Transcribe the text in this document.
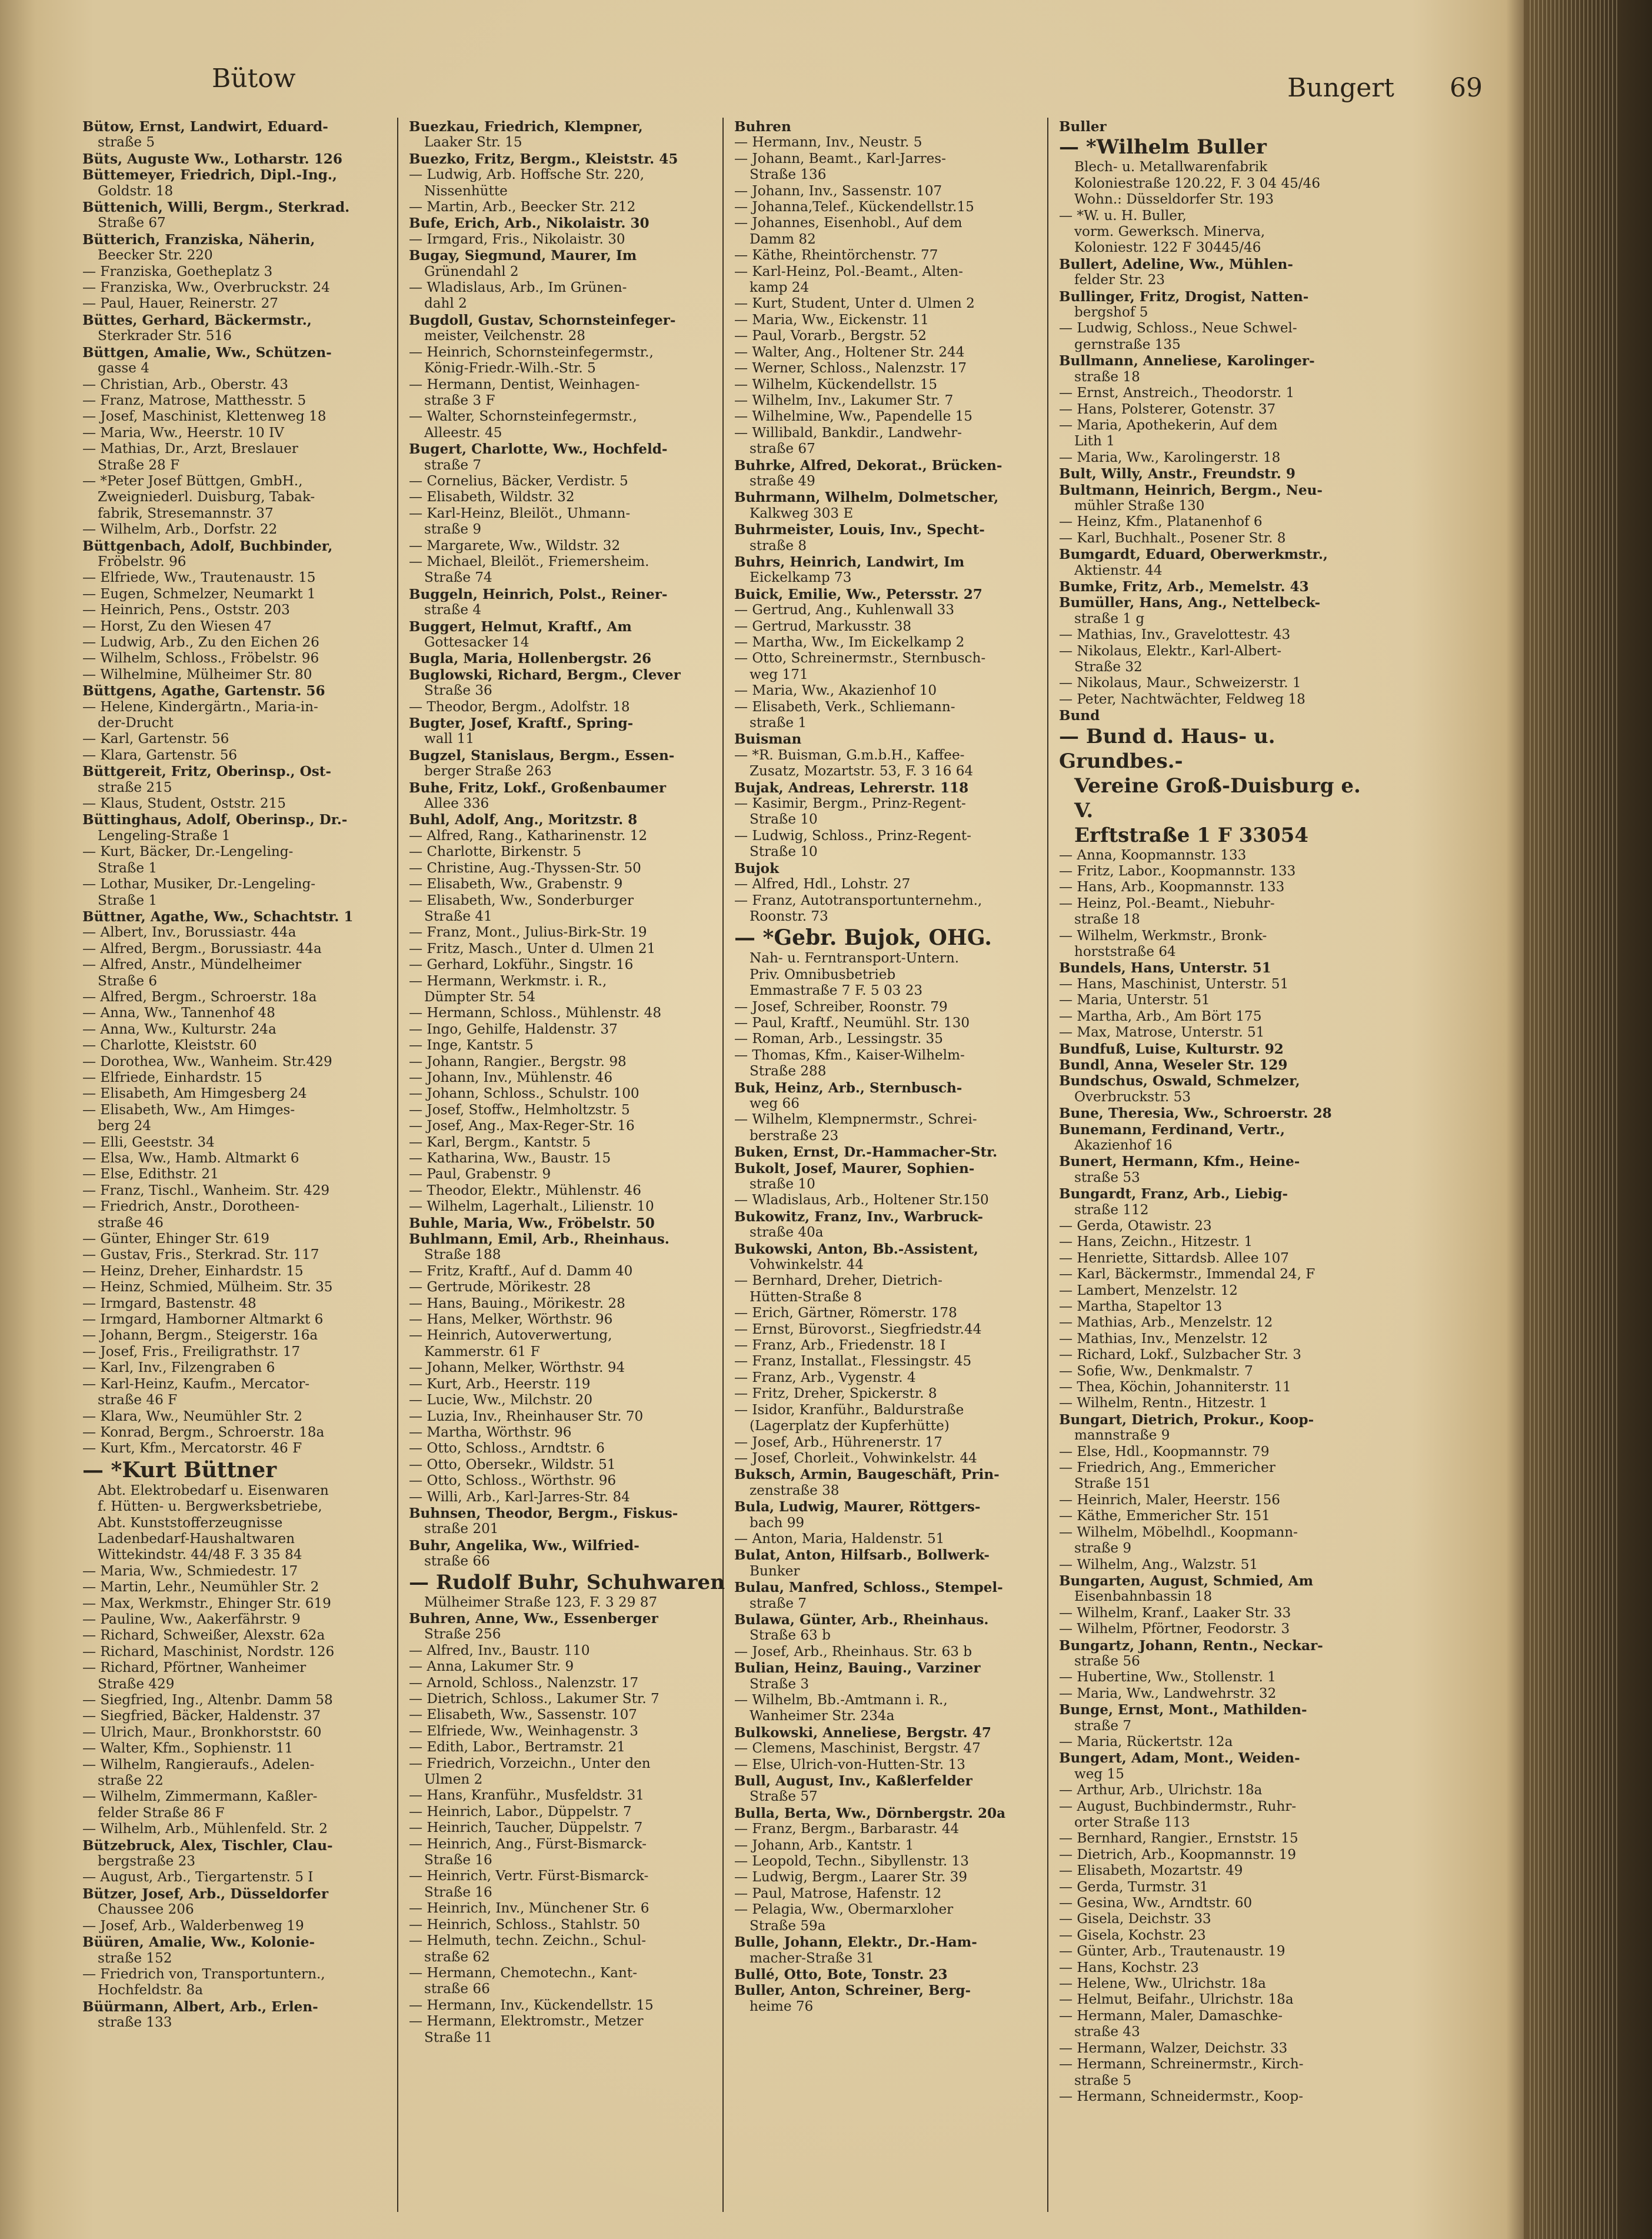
Bütow	Bungert 69
Bütow, Ernst, Landwirt, Eduard-
straße 5
Büts, Auguste Ww., Lotharstr. 126
Büttemeyer, Friedrich, Dipl.-Ing.,
Goldstr. 18
Büttenich, Willi, Bergm., Sterkrad.
Straße 67
Bütterich, Franziska, Näherin,
Beecker Str. 220
— Franziska, Goetheplatz 3
— Franziska, Ww., Overbruckstr. 24
— Paul, Hauer, Reinerstr. 27
Büttes, Gerhard, Bäckermstr.,
Sterkrader Str. 516
Büttgen, Amalie, Ww., Schützen-
gasse 4
— Christian, Arb., Oberstr. 43
— Franz, Matrose, Matthesstr. 5
— Josef, Maschinist, Klettenweg 18
— Maria, Ww., Heerstr. 10 IV
— Mathias, Dr., Arzt, Breslauer
Straße 28 F
— *Peter Josef Büttgen, GmbH.,
Zweigniederl. Duisburg, Tabak-
fabrik, Stresemannstr. 37
— Wilhelm, Arb., Dorfstr. 22
Büttgenbach, Adolf, Buchbinder,
Fröbelstr. 96
— Elfriede, Ww., Trautenaustr. 15
— Eugen, Schmelzer, Neumarkt 1
— Heinrich, Pens., Oststr. 203
— Horst, Zu den Wiesen 47
— Ludwig, Arb., Zu den Eichen 26
— Wilhelm, Schloss., Fröbelstr. 96
— Wilhelmine, Mülheimer Str. 80
Büttgens, Agathe, Gartenstr. 56
— Helene, Kindergärtn., Maria-in-
der-Drucht
— Karl, Gartenstr. 56
— Klara, Gartenstr. 56
Büttgereit, Fritz, Oberinsp., Ost-
straße 215
— Klaus, Student, Oststr. 215
Büttinghaus, Adolf, Oberinsp., Dr.-
Lengeling-Straße 1
— Kurt, Bäcker, Dr.-Lengeling-
Straße 1
— Lothar, Musiker, Dr.-Lengeling-
Straße 1
Büttner, Agathe, Ww., Schachtstr. 1
— Albert, Inv., Borussiastr. 44a
— Alfred, Bergm., Borussiastr. 44a
— Alfred, Anstr., Mündelheimer
Straße 6
— Alfred, Bergm., Schroerstr. 18a
— Anna, Ww., Tannenhof 48
— Anna, Ww., Kulturstr. 24a
— Charlotte, Kleiststr. 60
— Dorothea, Ww., Wanheim. Str.429
— Elfriede, Einhardstr. 15
— Elisabeth, Am Himgesberg 24
— Elisabeth, Ww., Am Himges-
berg 24
— Elli, Geeststr. 34
— Elsa, Ww., Hamb. Altmarkt 6
— Else, Edithstr. 21
— Franz, Tischl., Wanheim. Str. 429
— Friedrich, Anstr., Dorotheen-
straße 46
— Günter, Ehinger Str. 619
— Gustav, Fris., Sterkrad. Str. 117
— Heinz, Dreher, Einhardstr. 15
— Heinz, Schmied, Mülheim. Str. 35
— Irmgard, Bastenstr. 48
— Irmgard, Hamborner Altmarkt 6
— Johann, Bergm., Steigerstr. 16a
— Josef, Fris., Freiligrathstr. 17
— Karl, Inv., Filzengraben 6
— Karl-Heinz, Kaufm., Mercator-
straße 46 F
— Klara, Ww., Neumühler Str. 2
— Konrad, Bergm., Schroerstr. 18a
— Kurt, Kfm., Mercatorstr. 46 F
— *Kurt Büttner
Abt. Elektrobedarf u. Eisenwaren
f. Hütten- u. Bergwerksbetriebe,
Abt. Kunststofferzeugnisse
Ladenbedarf-Haushaltwaren
Wittekindstr. 44/48 F. 3 35 84
— Maria, Ww., Schmiedestr. 17
— Martin, Lehr., Neumühler Str. 2
— Max, Werkmstr., Ehinger Str. 619
— Pauline, Ww., Aakerfährstr. 9
— Richard, Schweißer, Alexstr. 62a
— Richard, Maschinist, Nordstr. 126
— Richard, Pförtner, Wanheimer
Straße 429
— Siegfried, Ing., Altenbr. Damm 58
— Siegfried, Bäcker, Haldenstr. 37
— Ulrich, Maur., Bronkhorststr. 60
— Walter, Kfm., Sophienstr. 11
— Wilhelm, Rangieraufs., Adelen-
straße 22
— Wilhelm, Zimmermann, Kaßler-
felder Straße 86 F
— Wilhelm, Arb., Mühlenfeld. Str. 2
Bützebruck, Alex, Tischler, Clau-
bergstraße 23
— August, Arb., Tiergartenstr. 5 I
Bützer, Josef, Arb., Düsseldorfer
Chaussee 206
— Josef, Arb., Walderbenweg 19
Büüren, Amalie, Ww., Kolonie-
straße 152
— Friedrich von, Transportuntern.,
Hochfeldstr. 8a
Büürmann, Albert, Arb., Erlen-
straße 133
Buezkau, Friedrich, Klempner,
Laaker Str. 15
Buezko, Fritz, Bergm., Kleiststr. 45
— Ludwig, Arb. Hoffsche Str. 220,
Nissenhütte
— Martin, Arb., Beecker Str. 212
Bufe, Erich, Arb., Nikolaistr. 30
— Irmgard, Fris., Nikolaistr. 30
Bugay, Siegmund, Maurer, Im
Grünendahl 2
— Wladislaus, Arb., Im Grünen-
dahl 2
Bugdoll, Gustav, Schornsteinfeger-
meister, Veilchenstr. 28
— Heinrich, Schornsteinfegermstr.,
König-Friedr.-Wilh.-Str. 5
— Hermann, Dentist, Weinhagen-
straße 3 F
— Walter, Schornsteinfegermstr.,
Alleestr. 45
Bugert, Charlotte, Ww., Hochfeld-
straße 7
— Cornelius, Bäcker, Verdistr. 5
— Elisabeth, Wildstr. 32
— Karl-Heinz, Bleilöt., Uhmann-
straße 9
— Margarete, Ww., Wildstr. 32
— Michael, Bleilöt., Friemersheim.
Straße 74
Buggeln, Heinrich, Polst., Reiner-
straße 4
Buggert, Helmut, Kraftf., Am
Gottesacker 14
Bugla, Maria, Hollenbergstr. 26
Buglowski, Richard, Bergm., Clever
Straße 36
— Theodor, Bergm., Adolfstr. 18
Bugter, Josef, Kraftf., Spring-
wall 11
Bugzel, Stanislaus, Bergm., Essen-
berger Straße 263
Buhe, Fritz, Lokf., Großenbaumer
Allee 336
Buhl, Adolf, Ang., Moritzstr. 8
— Alfred, Rang., Katharinenstr. 12
— Charlotte, Birkenstr. 5
— Christine, Aug.-Thyssen-Str. 50
— Elisabeth, Ww., Grabenstr. 9
— Elisabeth, Ww., Sonderburger
Straße 41
— Franz, Mont., Julius-Birk-Str. 19
— Fritz, Masch., Unter d. Ulmen 21
— Gerhard, Lokführ., Singstr. 16
— Hermann, Werkmstr. i. R.,
Dümpter Str. 54
— Hermann, Schloss., Mühlenstr. 48
— Ingo, Gehilfe, Haldenstr. 37
— Inge, Kantstr. 5
— Johann, Rangier., Bergstr. 98
— Johann, Inv., Mühlenstr. 46
— Johann, Schloss., Schulstr. 100
— Josef, Stoffw., Helmholtzstr. 5
— Josef, Ang., Max-Reger-Str. 16
— Karl, Bergm., Kantstr. 5
— Katharina, Ww., Baustr. 15
— Paul, Grabenstr. 9
— Theodor, Elektr., Mühlenstr. 46
— Wilhelm, Lagerhalt., Lilienstr. 10
Buhle, Maria, Ww., Fröbelstr. 50
Buhlmann, Emil, Arb., Rheinhaus.
Straße 188
— Fritz, Kraftf., Auf d. Damm 40
— Gertrude, Mörikestr. 28
— Hans, Bauing., Mörikestr. 28
— Hans, Melker, Wörthstr. 96
— Heinrich, Autoverwertung,
Kammerstr. 61 F
— Johann, Melker, Wörthstr. 94
— Kurt, Arb., Heerstr. 119
— Lucie, Ww., Milchstr. 20
— Luzia, Inv., Rheinhauser Str. 70
— Martha, Wörthstr. 96
— Otto, Schloss., Arndtstr. 6
— Otto, Obersekr., Wildstr. 51
— Otto, Schloss., Wörthstr. 96
— Willi, Arb., Karl-Jarres-Str. 84
Buhnsen, Theodor, Bergm., Fiskus-
straße 201
Buhr, Angelika, Ww., Wilfried-
straße 66
— Rudolf Buhr, Schuhwaren
Mülheimer Straße 123, F. 3 29 87
Buhren, Anne, Ww., Essenberger
Straße 256
— Alfred, Inv., Baustr. 110
— Anna, Lakumer Str. 9
— Arnold, Schloss., Nalenzstr. 17
— Dietrich, Schloss., Lakumer Str. 7
— Elisabeth, Ww., Sassenstr. 107
— Elfriede, Ww., Weinhagenstr. 3
— Edith, Labor., Bertramstr. 21
— Friedrich, Vorzeichn., Unter den
Ulmen 2
— Hans, Kranführ., Musfeldstr. 31
— Heinrich, Labor., Düppelstr. 7
— Heinrich, Taucher, Düppelstr. 7
— Heinrich, Ang., Fürst-Bismarck-
Straße 16
— Heinrich, Vertr. Fürst-Bismarck-
Straße 16
— Heinrich, Inv., Münchener Str. 6
— Heinrich, Schloss., Stahlstr. 50
— Helmuth, techn. Zeichn., Schul-
straße 62
— Hermann, Chemotechn., Kant-
straße 66
— Hermann, Inv., Kückendellstr. 15
— Hermann, Elektromstr., Metzer
Straße 11
Buhren
— Hermann, Inv., Neustr. 5
— Johann, Beamt., Karl-Jarres-
Straße 136
— Johann, Inv., Sassenstr. 107
— Johanna,Telef., Kückendellstr.15
— Johannes, Eisenhobl., Auf dem
Damm 82
— Käthe, Rheintörchenstr. 77
— Karl-Heinz, Pol.-Beamt., Alten-
kamp 24
— Kurt, Student, Unter d. Ulmen 2
— Maria, Ww., Eickenstr. 11
— Paul, Vorarb., Bergstr. 52
— Walter, Ang., Holtener Str. 244
— Werner, Schloss., Nalenzstr. 17
— Wilhelm, Kückendellstr. 15
— Wilhelm, Inv., Lakumer Str. 7
— Wilhelmine, Ww., Papendelle 15
— Willibald, Bankdir., Landwehr-
straße 67
Buhrke, Alfred, Dekorat., Brücken-
straße 49
Buhrmann, Wilhelm, Dolmetscher,
Kalkweg 303 E
Buhrmeister, Louis, Inv., Specht-
straße 8
Buhrs, Heinrich, Landwirt, Im
Eickelkamp 73
Buick, Emilie, Ww., Petersstr. 27
— Gertrud, Ang., Kuhlenwall 33
— Gertrud, Markusstr. 38
— Martha, Ww., Im Eickelkamp 2
— Otto, Schreinermstr., Sternbusch-
weg 171
— Maria, Ww., Akazienhof 10
— Elisabeth, Verk., Schliemann-
straße 1
Buisman
— *R. Buisman, G.m.b.H., Kaffee-
Zusatz, Mozartstr. 53, F. 3 16 64
Bujak, Andreas, Lehrerstr. 118
— Kasimir, Bergm., Prinz-Regent-
Straße 10
— Ludwig, Schloss., Prinz-Regent-
Straße 10
Bujok
— Alfred, Hdl., Lohstr. 27
— Franz, Autotransportunternehm.,
Roonstr. 73
— *Gebr. Bujok, OHG.
Nah- u. Ferntransport-Untern.
Priv. Omnibusbetrieb
Emmastraße 7 F. 5 03 23
— Josef, Schreiber, Roonstr. 79
— Paul, Kraftf., Neumühl. Str. 130
— Roman, Arb., Lessingstr. 35
— Thomas, Kfm., Kaiser-Wilhelm-
Straße 288
Buk, Heinz, Arb., Sternbusch-
weg 66
— Wilhelm, Klempnermstr., Schrei-
berstraße 23
Buken, Ernst, Dr.-Hammacher-Str.
Bukolt, Josef, Maurer, Sophien-
straße 10
— Wladislaus, Arb., Holtener Str.150
Bukowitz, Franz, Inv., Warbruck-
straße 40a
Bukowski, Anton, Bb.-Assistent,
Vohwinkelstr. 44
— Bernhard, Dreher, Dietrich-
Hütten-Straße 8
— Erich, Gärtner, Römerstr. 178
— Ernst, Bürovorst., Siegfriedstr.44
— Franz, Arb., Friedenstr. 18 I
— Franz, Installat., Flessingstr. 45
— Franz, Arb., Vygenstr. 4
— Fritz, Dreher, Spickerstr. 8
— Isidor, Kranführ., Baldurstraße
(Lagerplatz der Kupferhütte)
— Josef, Arb., Hührenerstr. 17
— Josef, Chorleit., Vohwinkelstr. 44
Buksch, Armin, Baugeschäft, Prin-
zenstraße 38
Bula, Ludwig, Maurer, Röttgers-
bach 99
— Anton, Maria, Haldenstr. 51
Bulat, Anton, Hilfsarb., Bollwerk-
Bunker
Bulau, Manfred, Schloss., Stempel-
straße 7
Bulawa, Günter, Arb., Rheinhaus.
Straße 63 b
— Josef, Arb., Rheinhaus. Str. 63 b
Bulian, Heinz, Bauing., Varziner
Straße 3
— Wilhelm, Bb.-Amtmann i. R.,
Wanheimer Str. 234a
Bulkowski, Anneliese, Bergstr. 47
— Clemens, Maschinist, Bergstr. 47
— Else, Ulrich-von-Hutten-Str. 13
Bull, August, Inv., Kaßlerfelder
Straße 57
Bulla, Berta, Ww., Dörnbergstr. 20a
— Franz, Bergm., Barbarastr. 44
— Johann, Arb., Kantstr. 1
— Leopold, Techn., Sibyllenstr. 13
— Ludwig, Bergm., Laarer Str. 39
— Paul, Matrose, Hafenstr. 12
— Pelagia, Ww., Obermarxloher
Straße 59a
Bulle, Johann, Elektr., Dr.-Ham-
macher-Straße 31
Bullé, Otto, Bote, Tonstr. 23
Buller, Anton, Schreiner, Berg-
heime 76
Buller
— *Wilhelm Buller
Blech- u. Metallwarenfabrik
Koloniestraße 120.22, F. 3 04 45/46
Wohn.: Düsseldorfer Str. 193
— *W. u. H. Buller,
vorm. Gewerksch. Minerva,
Koloniestr. 122 F 30445/46
Bullert, Adeline, Ww., Mühlen-
felder Str. 23
Bullinger, Fritz, Drogist, Natten-
bergshof 5
— Ludwig, Schloss., Neue Schwel-
gernstraße 135
Bullmann, Anneliese, Karolinger-
straße 18
— Ernst, Anstreich., Theodorstr. 1
— Hans, Polsterer, Gotenstr. 37
— Maria, Apothekerin, Auf dem
Lith 1
— Maria, Ww., Karolingerstr. 18
Bult, Willy, Anstr., Freundstr. 9
Bultmann, Heinrich, Bergm., Neu-
mühler Straße 130
— Heinz, Kfm., Platanenhof 6
— Karl, Buchhalt., Posener Str. 8
Bumgardt, Eduard, Oberwerkmstr.,
Aktienstr. 44
Bumke, Fritz, Arb., Memelstr. 43
Bumüller, Hans, Ang., Nettelbeck-
straße 1 g
— Mathias, Inv., Gravelottestr. 43
— Nikolaus, Elektr., Karl-Albert-
Straße 32
— Nikolaus, Maur., Schweizerstr. 1
— Peter, Nachtwächter, Feldweg 18
Bund
— Bund d. Haus- u. Grundbes.-
Vereine Groß-Duisburg e. V.
Erftstraße 1 F 33054
— Anna, Koopmannstr. 133
— Fritz, Labor., Koopmannstr. 133
— Hans, Arb., Koopmannstr. 133
— Heinz, Pol.-Beamt., Niebuhr-
straße 18
— Wilhelm, Werkmstr., Bronk-
horststraße 64
Bundels, Hans, Unterstr. 51
— Hans, Maschinist, Unterstr. 51
— Maria, Unterstr. 51
— Martha, Arb., Am Bört 175
— Max, Matrose, Unterstr. 51
Bundfuß, Luise, Kulturstr. 92
Bundl, Anna, Weseler Str. 129
Bundschus, Oswald, Schmelzer,
Overbruckstr. 53
Bune, Theresia, Ww., Schroerstr. 28
Bunemann, Ferdinand, Vertr.,
Akazienhof 16
Bunert, Hermann, Kfm., Heine-
straße 53
Bungardt, Franz, Arb., Liebig-
straße 112
— Gerda, Otawistr. 23
— Hans, Zeichn., Hitzestr. 1
— Henriette, Sittardsb. Allee 107
— Karl, Bäckermstr., Immendal 24, F
— Lambert, Menzelstr. 12
— Martha, Stapeltor 13
— Mathias, Arb., Menzelstr. 12
— Mathias, Inv., Menzelstr. 12
— Richard, Lokf., Sulzbacher Str. 3
— Sofie, Ww., Denkmalstr. 7
— Thea, Köchin, Johanniterstr. 11
— Wilhelm, Rentn., Hitzestr. 1
Bungart, Dietrich, Prokur., Koop-
mannstraße 9
— Else, Hdl., Koopmannstr. 79
— Friedrich, Ang., Emmericher
Straße 151
— Heinrich, Maler, Heerstr. 156
— Käthe, Emmericher Str. 151
— Wilhelm, Möbelhdl., Koopmann-
straße 9
— Wilhelm, Ang., Walzstr. 51
Bungarten, August, Schmied, Am
Eisenbahnbassin 18
— Wilhelm, Kranf., Laaker Str. 33
— Wilhelm, Pförtner, Feodorstr. 3
Bungartz, Johann, Rentn., Neckar-
straße 56
— Hubertine, Ww., Stollenstr. 1
— Maria, Ww., Landwehrstr. 32
Bunge, Ernst, Mont., Mathilden-
straße 7
— Maria, Rückertstr. 12a
Bungert, Adam, Mont., Weiden-
weg 15
— Arthur, Arb., Ulrichstr. 18a
— August, Buchbindermstr., Ruhr-
orter Straße 113
— Bernhard, Rangier., Ernststr. 15
— Dietrich, Arb., Koopmannstr. 19
— Elisabeth, Mozartstr. 49
— Gerda, Turmstr. 31
— Gesina, Ww., Arndtstr. 60
— Gisela, Deichstr. 33
— Gisela, Kochstr. 23
— Günter, Arb., Trautenaustr. 19
— Hans, Kochstr. 23
— Helene, Ww., Ulrichstr. 18a
— Helmut, Beifahr., Ulrichstr. 18a
— Hermann, Maler, Damaschke-
straße 43
— Hermann, Walzer, Deichstr. 33
— Hermann, Schreinermstr., Kirch-
straße 5
— Hermann, Schneidermstr., Koop-
